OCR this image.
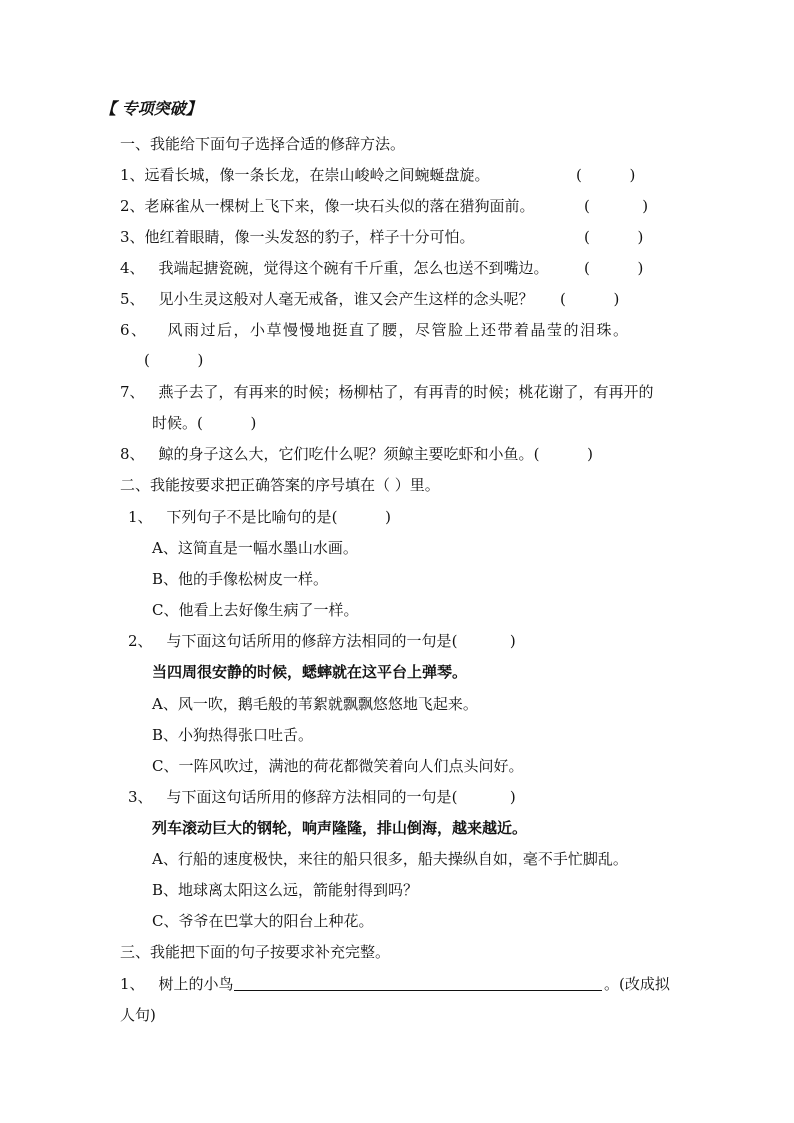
【 专项突破】
一、我能给下面句子选择合适的修辞方法。
1、远看长城，像一条长龙，在崇山峻岭之间蜿蜒盘旋。	(          )
2、老麻雀从一棵树上飞下来，像一块石头似的落在猎狗面前。	(           )
3、他红着眼睛，像一头发怒的豹子，样子十分可怕。	(          )
4、 我端起搪瓷碗，觉得这个碗有千斤重，怎么也送不到嘴边。 (          )
5、 见小生灵这般对人毫无戒备，谁又会产生这样的念头呢？ (          )
6、 风雨过后，小草慢慢地挺直了腰，尽管脸上还带着晶莹的泪珠。
(          )
7、 燕子去了，有再来的时候；杨柳枯了，有再青的时候；桃花谢了，有再开的
时候。(          )
8、 鲸的身子这么大，它们吃什么呢？须鲸主要吃虾和小鱼。(          )
二、我能按要求把正确答案的序号填在（ ）里。
1、 下列句子不是比喻句的是(          )
A、这简直是一幅水墨山水画。
B、他的手像松树皮一样。
C、他看上去好像生病了一样。
2、 与下面这句话所用的修辞方法相同的一句是(           )
当四周很安静的时候，蟋蟀就在这平台上弹琴。
A、风一吹，鹅毛般的苇絮就飘飘悠悠地飞起来。
B、小狗热得张口吐舌。
C、一阵风吹过，满池的荷花都微笑着向人们点头问好。
3、 与下面这句话所用的修辞方法相同的一句是(           )
列车滚动巨大的钢轮，响声隆隆，排山倒海，越来越近。
A、行船的速度极快，来往的船只很多，船夫操纵自如，毫不手忙脚乱。
B、地球离太阳这么远，箭能射得到吗？
C、爷爷在巴掌大的阳台上种花。
三、我能把下面的句子按要求补充完整。
1、 树上的小鸟	。(改成拟
人句)
